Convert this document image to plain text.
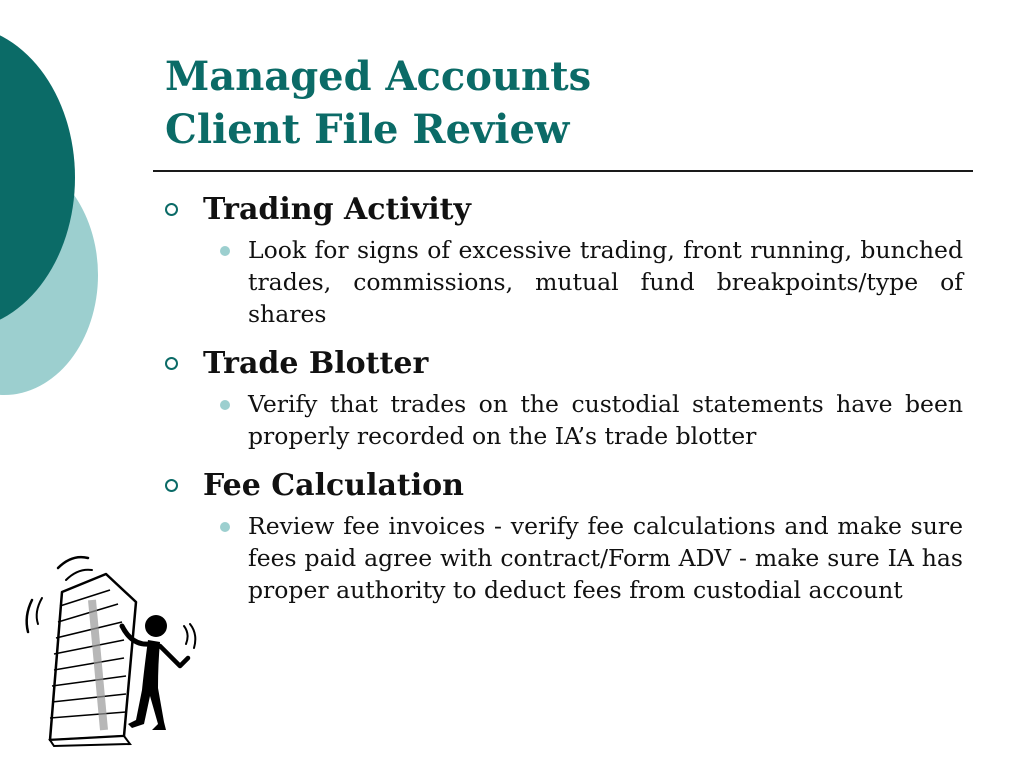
Managed Accounts
Client File Review
Trading Activity
Look for signs of excessive trading, front running, bunched trades, commissions, mutual fund breakpoints/type of shares
Trade Blotter
Verify that trades on the custodial statements have been properly recorded on the IA’s trade blotter
Fee Calculation
Review fee invoices - verify fee calculations and make sure fees paid agree with contract/Form ADV - make sure IA has proper authority to deduct fees from custodial account
